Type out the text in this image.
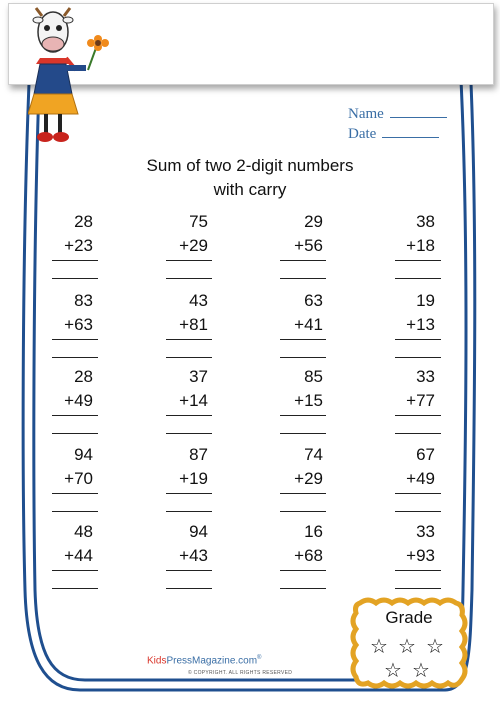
Name
Date
Sum of two 2-digit numbers
with carry
28
+23
75
+29
29
+56
38
+18
83
+63
43
+81
63
+41
19
+13
28
+49
37
+14
85
+15
33
+77
94
+70
87
+19
74
+29
67
+49
48
+44
94
+43
16
+68
33
+93
Grade
☆ ☆ ☆
☆ ☆
KidsPressMagazine.com®
© COPYRIGHT. ALL RIGHTS RESERVED
